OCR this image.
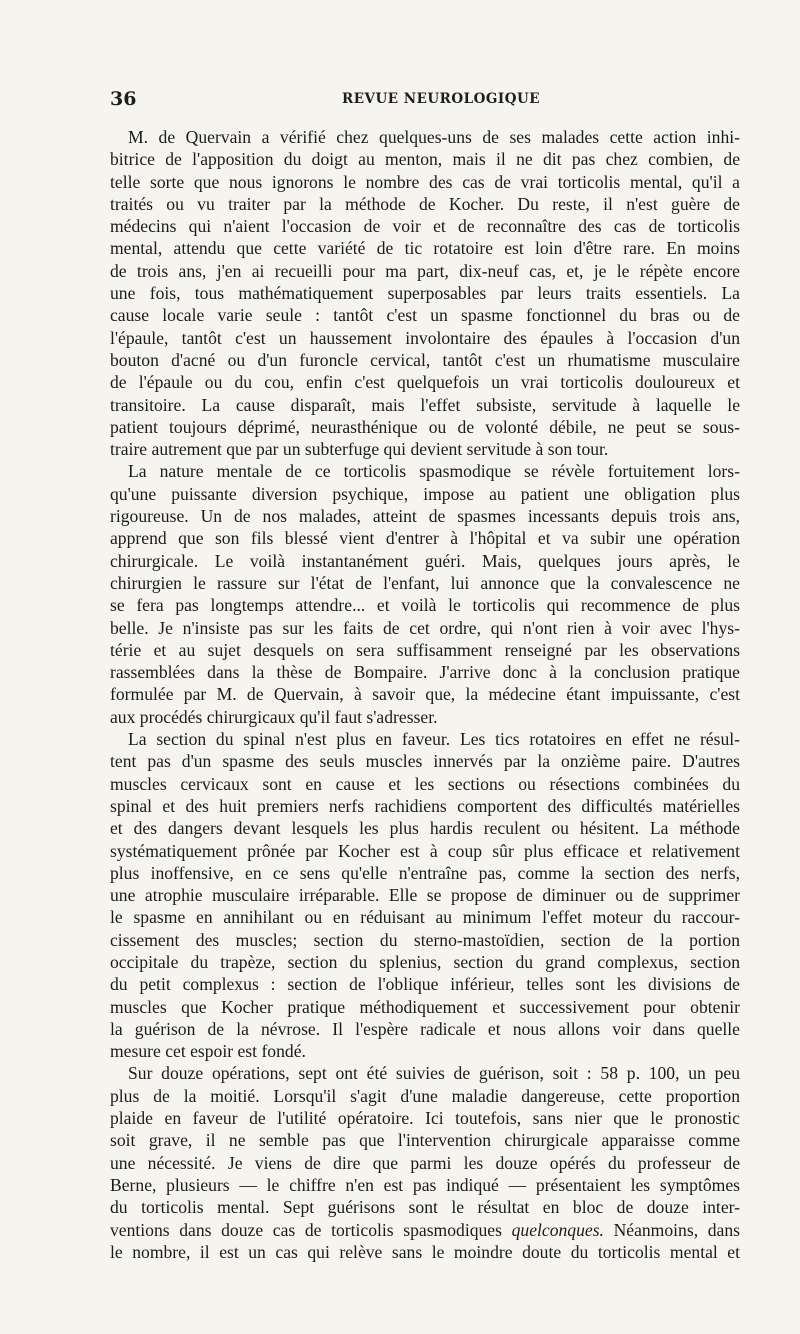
36	REVUE NEUROLOGIQUE
M. de Quervain a vérifié chez quelques-uns de ses malades cette action inhi-
bitrice de l'apposition du doigt au menton, mais il ne dit pas chez combien, de
telle sorte que nous ignorons le nombre des cas de vrai torticolis mental, qu'il a
traités ou vu traiter par la méthode de Kocher. Du reste, il n'est guère de
médecins qui n'aient l'occasion de voir et de reconnaître des cas de torticolis
mental, attendu que cette variété de tic rotatoire est loin d'être rare. En moins
de trois ans, j'en ai recueilli pour ma part, dix-neuf cas, et, je le répète encore
une fois, tous mathématiquement superposables par leurs traits essentiels. La
cause locale varie seule : tantôt c'est un spasme fonctionnel du bras ou de
l'épaule, tantôt c'est un haussement involontaire des épaules à l'occasion d'un
bouton d'acné ou d'un furoncle cervical, tantôt c'est un rhumatisme musculaire
de l'épaule ou du cou, enfin c'est quelquefois un vrai torticolis douloureux et
transitoire. La cause disparaît, mais l'effet subsiste, servitude à laquelle le
patient toujours déprimé, neurasthénique ou de volonté débile, ne peut se sous-
traire autrement que par un subterfuge qui devient servitude à son tour.
La nature mentale de ce torticolis spasmodique se révèle fortuitement lors-
qu'une puissante diversion psychique, impose au patient une obligation plus
rigoureuse. Un de nos malades, atteint de spasmes incessants depuis trois ans,
apprend que son fils blessé vient d'entrer à l'hôpital et va subir une opération
chirurgicale. Le voilà instantanément guéri. Mais, quelques jours après, le
chirurgien le rassure sur l'état de l'enfant, lui annonce que la convalescence ne
se fera pas longtemps attendre... et voilà le torticolis qui recommence de plus
belle. Je n'insiste pas sur les faits de cet ordre, qui n'ont rien à voir avec l'hys-
térie et au sujet desquels on sera suffisamment renseigné par les observations
rassemblées dans la thèse de Bompaire. J'arrive donc à la conclusion pratique
formulée par M. de Quervain, à savoir que, la médecine étant impuissante, c'est
aux procédés chirurgicaux qu'il faut s'adresser.
La section du spinal n'est plus en faveur. Les tics rotatoires en effet ne résul-
tent pas d'un spasme des seuls muscles innervés par la onzième paire. D'autres
muscles cervicaux sont en cause et les sections ou résections combinées du
spinal et des huit premiers nerfs rachidiens comportent des difficultés matérielles
et des dangers devant lesquels les plus hardis reculent ou hésitent. La méthode
systématiquement prônée par Kocher est à coup sûr plus efficace et relativement
plus inoffensive, en ce sens qu'elle n'entraîne pas, comme la section des nerfs,
une atrophie musculaire irréparable. Elle se propose de diminuer ou de supprimer
le spasme en annihilant ou en réduisant au minimum l'effet moteur du raccour-
cissement des muscles; section du sterno-mastoïdien, section de la portion
occipitale du trapèze, section du splenius, section du grand complexus, section
du petit complexus : section de l'oblique inférieur, telles sont les divisions de
muscles que Kocher pratique méthodiquement et successivement pour obtenir
la guérison de la névrose. Il l'espère radicale et nous allons voir dans quelle
mesure cet espoir est fondé.
Sur douze opérations, sept ont été suivies de guérison, soit : 58 p. 100, un peu
plus de la moitié. Lorsqu'il s'agit d'une maladie dangereuse, cette proportion
plaide en faveur de l'utilité opératoire. Ici toutefois, sans nier que le pronostic
soit grave, il ne semble pas que l'intervention chirurgicale apparaisse comme
une nécessité. Je viens de dire que parmi les douze opérés du professeur de
Berne, plusieurs — le chiffre n'en est pas indiqué — présentaient les symptômes
du torticolis mental. Sept guérisons sont le résultat en bloc de douze inter-
ventions dans douze cas de torticolis spasmodiques quelconques. Néanmoins, dans
le nombre, il est un cas qui relève sans le moindre doute du torticolis mental et
